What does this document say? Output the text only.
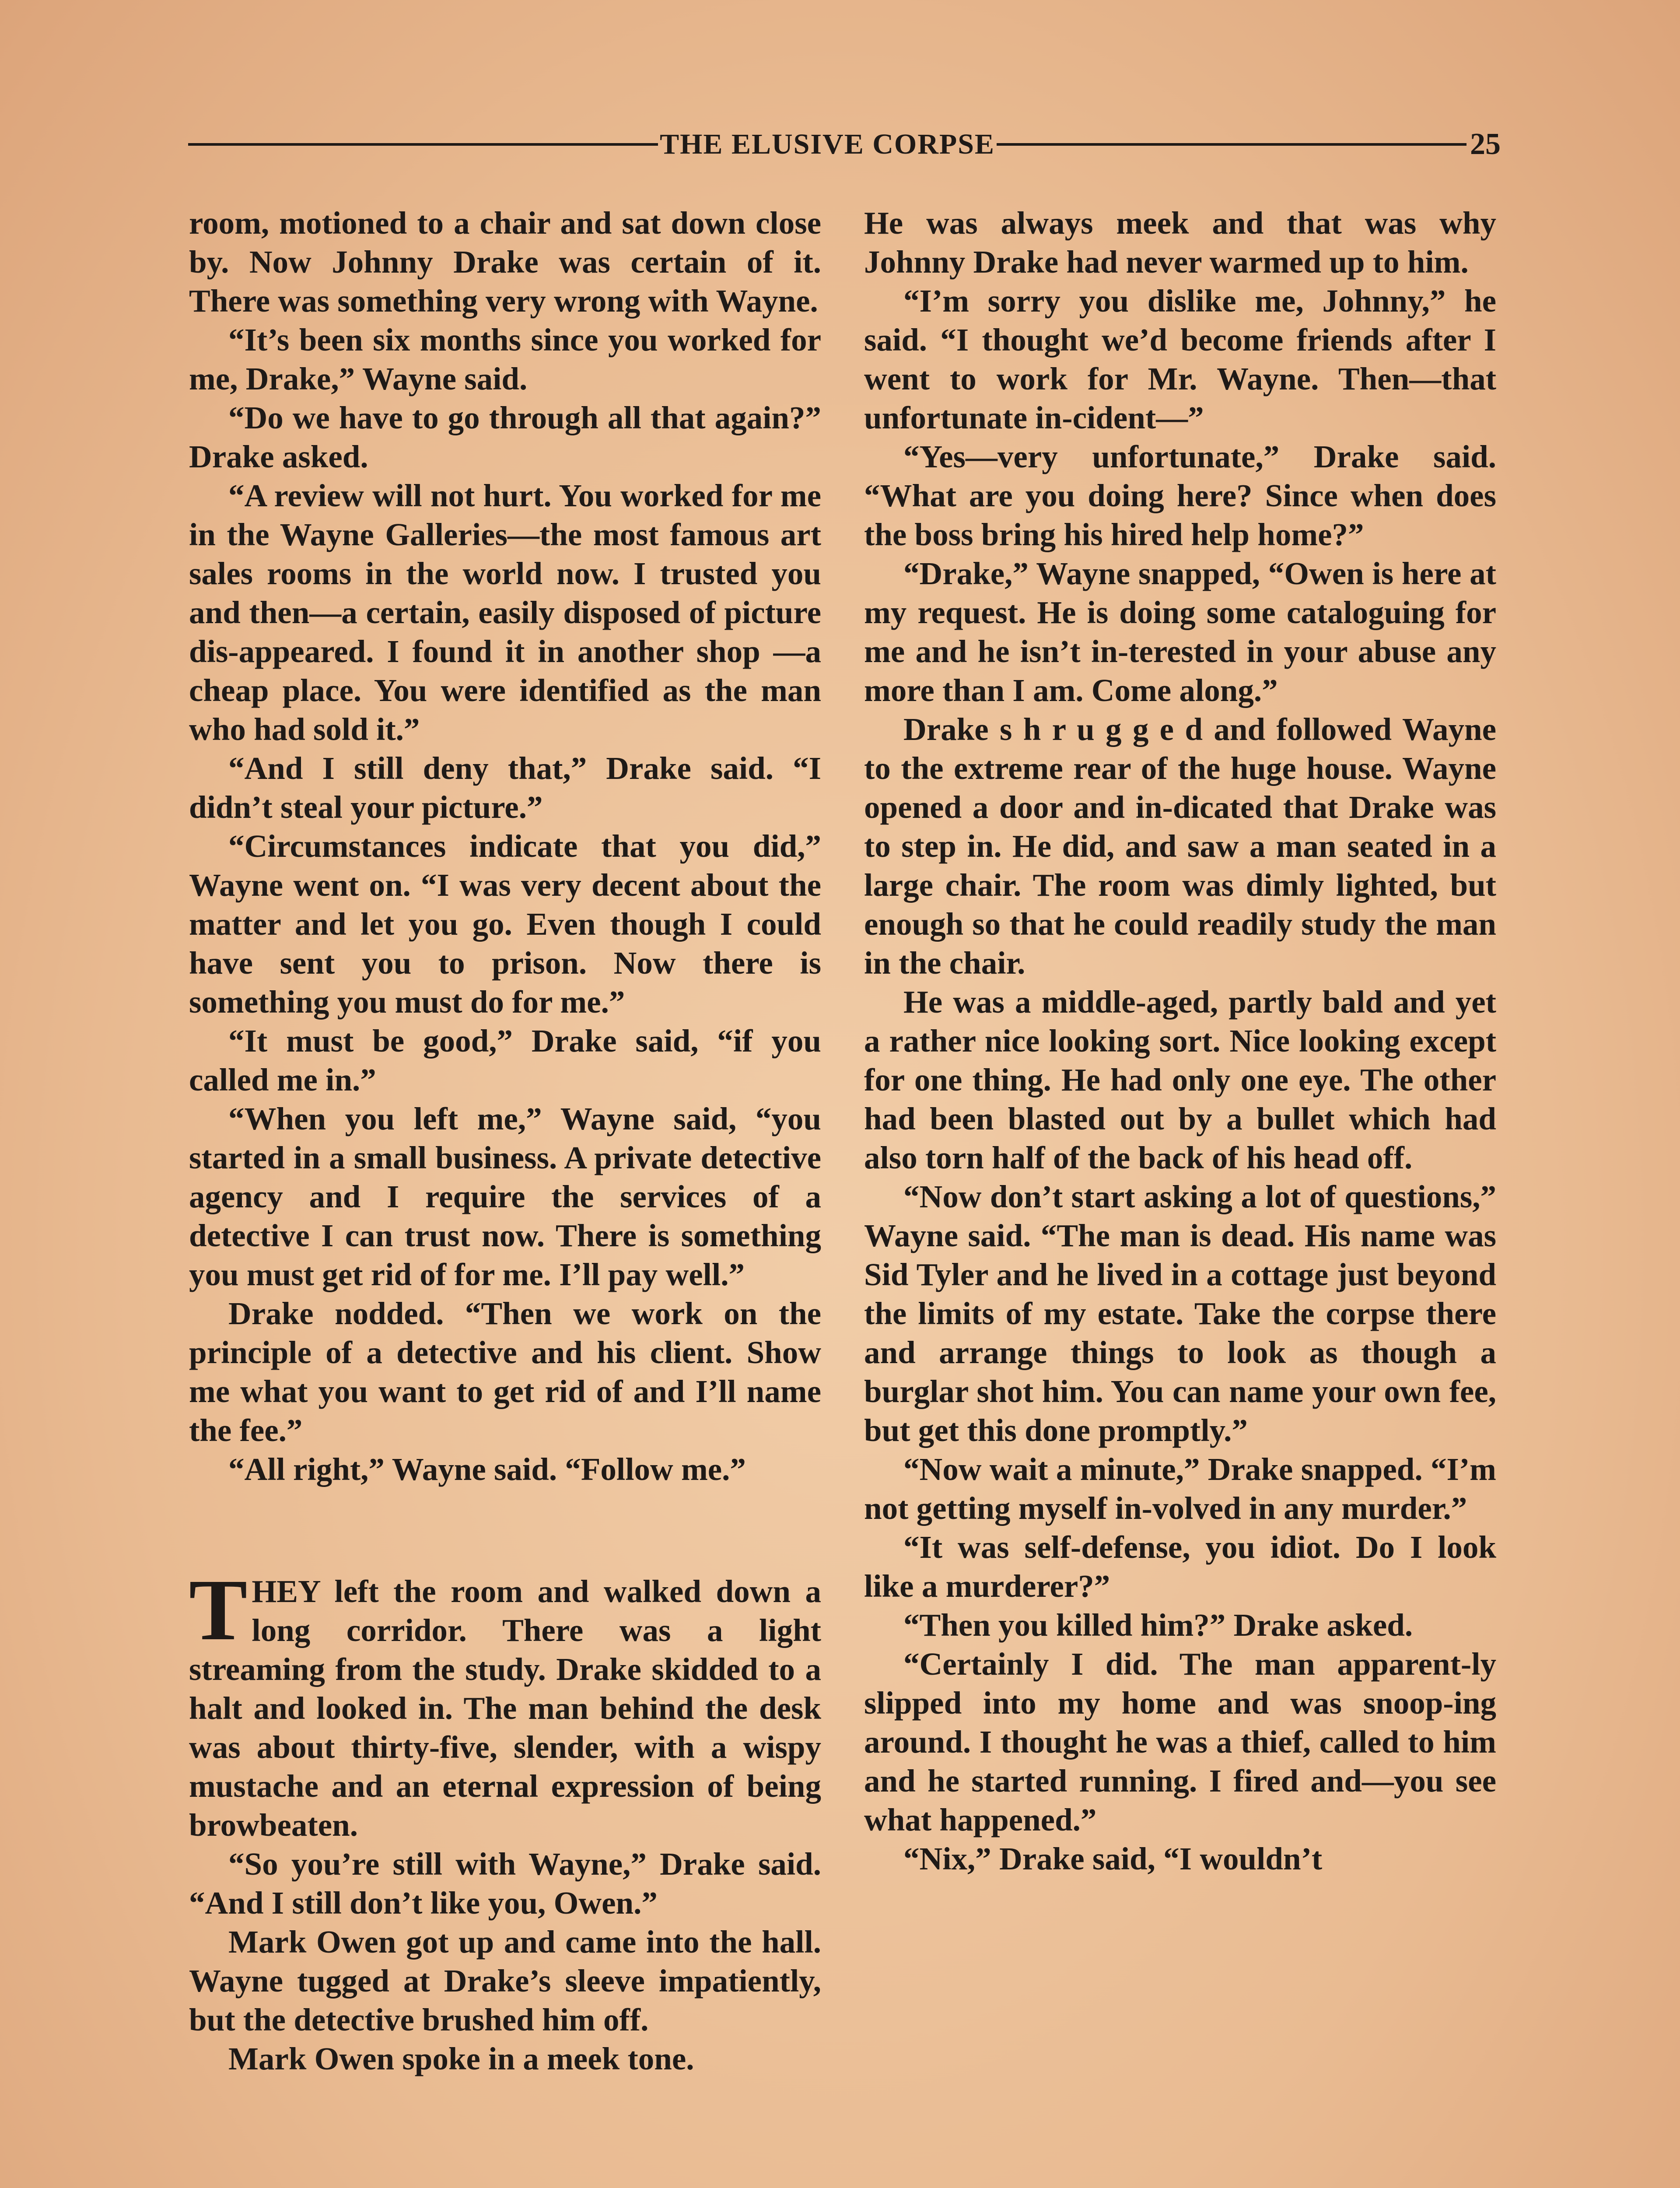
THE ELUSIVE CORPSE	25

room, motioned to a chair and sat down close by. Now Johnny Drake was certain of it. There was something very wrong with Wayne.

“It’s been six months since you worked for me, Drake,” Wayne said.

“Do we have to go through all that again?” Drake asked.

“A review will not hurt. You worked for me in the Wayne Galleries—the most famous art sales rooms in the world now. I trusted you and then—a certain, easily disposed of picture dis-appeared. I found it in another shop —a cheap place. You were identified as the man who had sold it.”

“And I still deny that,” Drake said. “I didn’t steal your picture.”

“Circumstances indicate that you did,” Wayne went on. “I was very decent about the matter and let you go. Even though I could have sent you to prison. Now there is something you must do for me.”

“It must be good,” Drake said, “if you called me in.”

“When you left me,” Wayne said, “you started in a small business. A private detective agency and I require the services of a detective I can trust now. There is something you must get rid of for me. I’ll pay well.”

Drake nodded. “Then we work on the principle of a detective and his client. Show me what you want to get rid of and I’ll name the fee.”

“All right,” Wayne said. “Follow me.”

THEY left the room and walked down a long corridor. There was a light streaming from the study. Drake skidded to a halt and looked in. The man behind the desk was about thirty-five, slender, with a wispy mustache and an eternal expression of being browbeaten.

“So you’re still with Wayne,” Drake said. “And I still don’t like you, Owen.”

Mark Owen got up and came into the hall. Wayne tugged at Drake’s sleeve impatiently, but the detective brushed him off.

Mark Owen spoke in a meek tone.

He was always meek and that was why Johnny Drake had never warmed up to him.

“I’m sorry you dislike me, Johnny,” he said. “I thought we’d become friends after I went to work for Mr. Wayne. Then—that unfortunate in-cident—”

“Yes—very unfortunate,” Drake said. “What are you doing here? Since when does the boss bring his hired help home?”

“Drake,” Wayne snapped, “Owen is here at my request. He is doing some cataloguing for me and he isn’t in-terested in your abuse any more than I am. Come along.”

Drake s h r u g g e d and followed Wayne to the extreme rear of the huge house. Wayne opened a door and in-dicated that Drake was to step in. He did, and saw a man seated in a large chair. The room was dimly lighted, but enough so that he could readily study the man in the chair.

He was a middle-aged, partly bald and yet a rather nice looking sort. Nice looking except for one thing. He had only one eye. The other had been blasted out by a bullet which had also torn half of the back of his head off.

“Now don’t start asking a lot of questions,” Wayne said. “The man is dead. His name was Sid Tyler and he lived in a cottage just beyond the limits of my estate. Take the corpse there and arrange things to look as though a burglar shot him. You can name your own fee, but get this done promptly.”

“Now wait a minute,” Drake snapped. “I’m not getting myself in-volved in any murder.”

“It was self-defense, you idiot. Do I look like a murderer?”

“Then you killed him?” Drake asked.

“Certainly I did. The man apparent-ly slipped into my home and was snoop-ing around. I thought he was a thief, called to him and he started running. I fired and—you see what happened.”

“Nix,” Drake said, “I wouldn’t
